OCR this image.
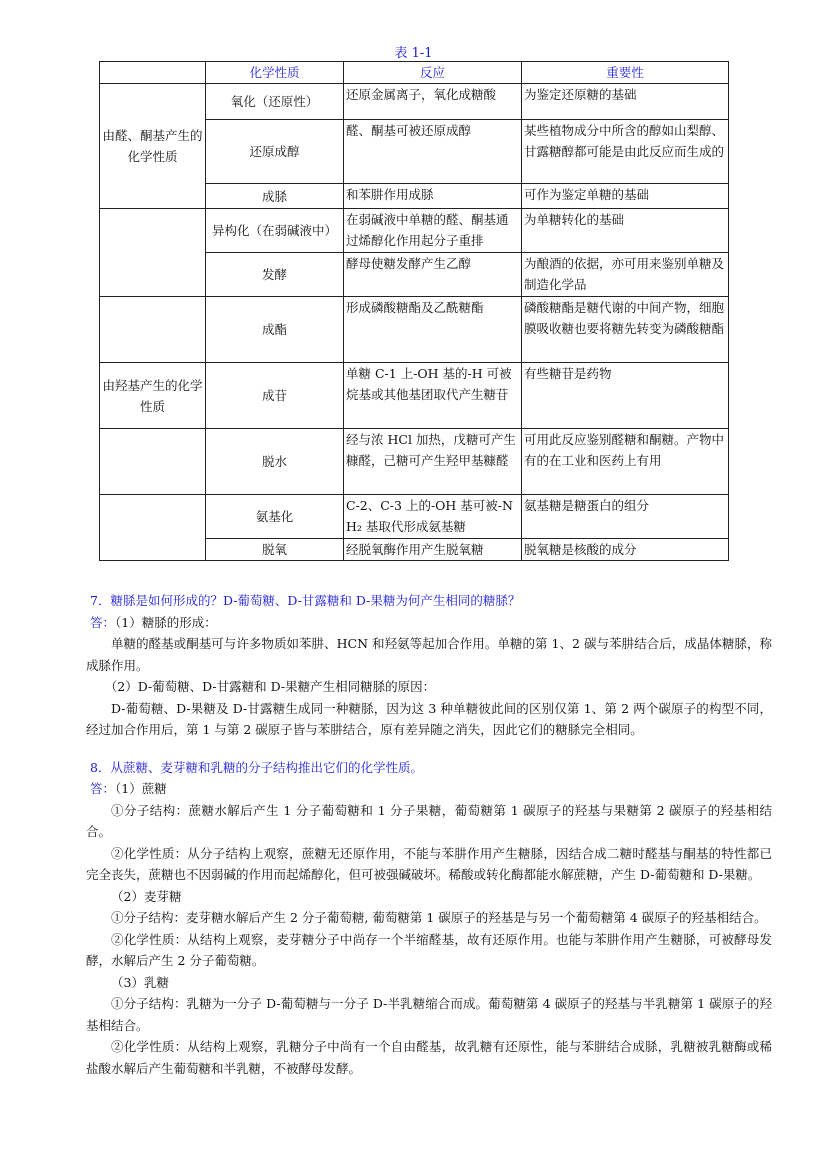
表 1-1
	化学性质	反应	重要性
由醛、酮基产生的化学性质	氧化（还原性）	还原金属离子，氧化成糖酸	为鉴定还原糖的基础
	还原成醇	醛、酮基可被还原成醇	某些植物成分中所含的醇如山梨醇、甘露糖醇都可能是由此反应而生成的
	成脎	和苯肼作用成脎	可作为鉴定单糖的基础
	异构化（在弱碱液中）	在弱碱液中单糖的醛、酮基通过烯醇化作用起分子重排	为单糖转化的基础
	发酵	酵母使糖发酵产生乙醇	为酿酒的依据，亦可用来鉴别单糖及制造化学品
	成酯	形成磷酸糖酯及乙酰糖酯	磷酸糖酯是糖代谢的中间产物，细胞膜吸收糖也要将糖先转变为磷酸糖酯
由羟基产生的化学性质	成苷	单糖 C-1 上-OH 基的-H 可被烷基或其他基团取代产生糖苷	有些糖苷是药物
	脱水	经与浓 HCl 加热，戊糖可产生糠醛，己糖可产生羟甲基糠醛	可用此反应鉴别醛糖和酮糖。产物中有的在工业和医药上有用
	氨基化	C-2、C-3 上的-OH 基可被-NH₂ 基取代形成氨基糖	氨基糖是糖蛋白的组分
	脱氧	经脱氧酶作用产生脱氧糖	脱氧糖是核酸的成分

7．糖脎是如何形成的？D-葡萄糖、D-甘露糖和 D-果糖为何产生相同的糖脎？

答：（1）糖脎的形成：

单糖的醛基或酮基可与许多物质如苯肼、HCN 和羟氨等起加合作用。单糖的第 1、2 碳与苯肼结合后，成晶体糖脎，称成脎作用。

（2）D-葡萄糖、D-甘露糖和 D-果糖产生相同糖脎的原因：

D-葡萄糖、D-果糖及 D-甘露糖生成同一种糖脎，因为这 3 种单糖彼此间的区别仅第 1、第 2 两个碳原子的构型不同，经过加合作用后，第 1 与第 2 碳原子皆与苯肼结合，原有差异随之消失，因此它们的糖脎完全相同。

8．从蔗糖、麦芽糖和乳糖的分子结构推出它们的化学性质。

答：（1）蔗糖

①分子结构：蔗糖水解后产生 1 分子葡萄糖和 1 分子果糖，葡萄糖第 1 碳原子的羟基与果糖第 2 碳原子的羟基相结合。

②化学性质：从分子结构上观察，蔗糖无还原作用，不能与苯肼作用产生糖脎，因结合成二糖时醛基与酮基的特性都已完全丧失，蔗糖也不因弱碱的作用而起烯醇化，但可被强碱破坏。稀酸或转化酶都能水解蔗糖，产生 D-葡萄糖和 D-果糖。

（2）麦芽糖

①分子结构：麦芽糖水解后产生 2 分子葡萄糖, 葡萄糖第 1 碳原子的羟基是与另一个葡萄糖第 4 碳原子的羟基相结合。

②化学性质：从结构上观察，麦芽糖分子中尚存一个半缩醛基，故有还原作用。也能与苯肼作用产生糖脎，可被酵母发酵，水解后产生 2 分子葡萄糖。

（3）乳糖

①分子结构：乳糖为一分子 D-葡萄糖与一分子 D-半乳糖缩合而成。葡萄糖第 4 碳原子的羟基与半乳糖第 1 碳原子的羟基相结合。

②化学性质：从结构上观察，乳糖分子中尚有一个自由醛基，故乳糖有还原性，能与苯肼结合成脎，乳糖被乳糖酶或稀盐酸水解后产生葡萄糖和半乳糖，不被酵母发酵。
